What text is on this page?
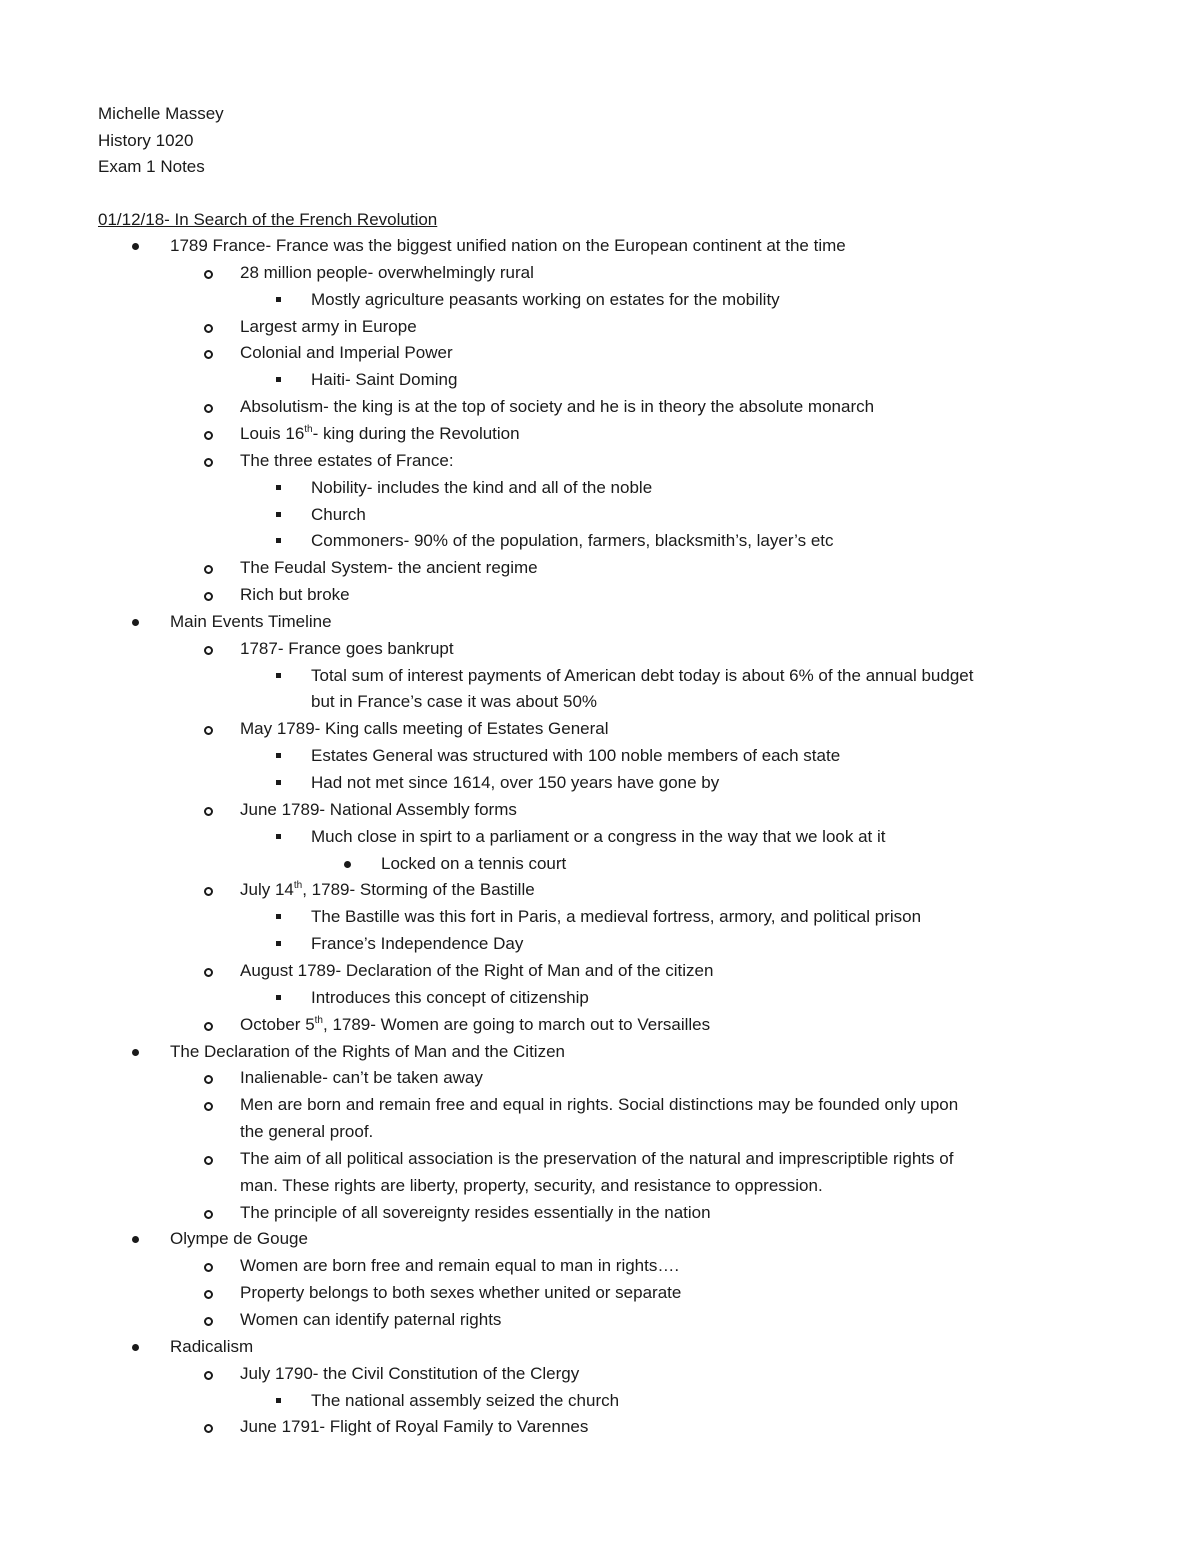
Michelle Massey
History 1020
Exam 1 Notes
01/12/18- In Search of the French Revolution
1789 France- France was the biggest unified nation on the European continent at the time
28 million people- overwhelmingly rural
Mostly agriculture peasants working on estates for the mobility
Largest army in Europe
Colonial and Imperial Power
Haiti- Saint Doming
Absolutism- the king is at the top of society and he is in theory the absolute monarch
Louis 16th- king during the Revolution
The three estates of France:
Nobility- includes the kind and all of the noble
Church
Commoners- 90% of the population, farmers, blacksmith’s, layer’s etc
The Feudal System- the ancient regime
Rich but broke
Main Events Timeline
1787- France goes bankrupt
Total sum of interest payments of American debt today is about 6% of the annual budget
but in France’s case it was about 50%
May 1789- King calls meeting of Estates General
Estates General was structured with 100 noble members of each state
Had not met since 1614, over 150 years have gone by
June 1789- National Assembly forms
Much close in spirt to a parliament or a congress in the way that we look at it
Locked on a tennis court
July 14th, 1789- Storming of the Bastille
The Bastille was this fort in Paris, a medieval fortress, armory, and political prison
France’s Independence Day
August 1789- Declaration of the Right of Man and of the citizen
Introduces this concept of citizenship
October 5th, 1789- Women are going to march out to Versailles
The Declaration of the Rights of Man and the Citizen
Inalienable- can’t be taken away
Men are born and remain free and equal in rights. Social distinctions may be founded only upon
the general proof.
The aim of all political association is the preservation of the natural and imprescriptible rights of
man. These rights are liberty, property, security, and resistance to oppression.
The principle of all sovereignty resides essentially in the nation
Olympe de Gouge
Women are born free and remain equal to man in rights….
Property belongs to both sexes whether united or separate
Women can identify paternal rights
Radicalism
July 1790- the Civil Constitution of the Clergy
The national assembly seized the church
June 1791- Flight of Royal Family to Varennes
